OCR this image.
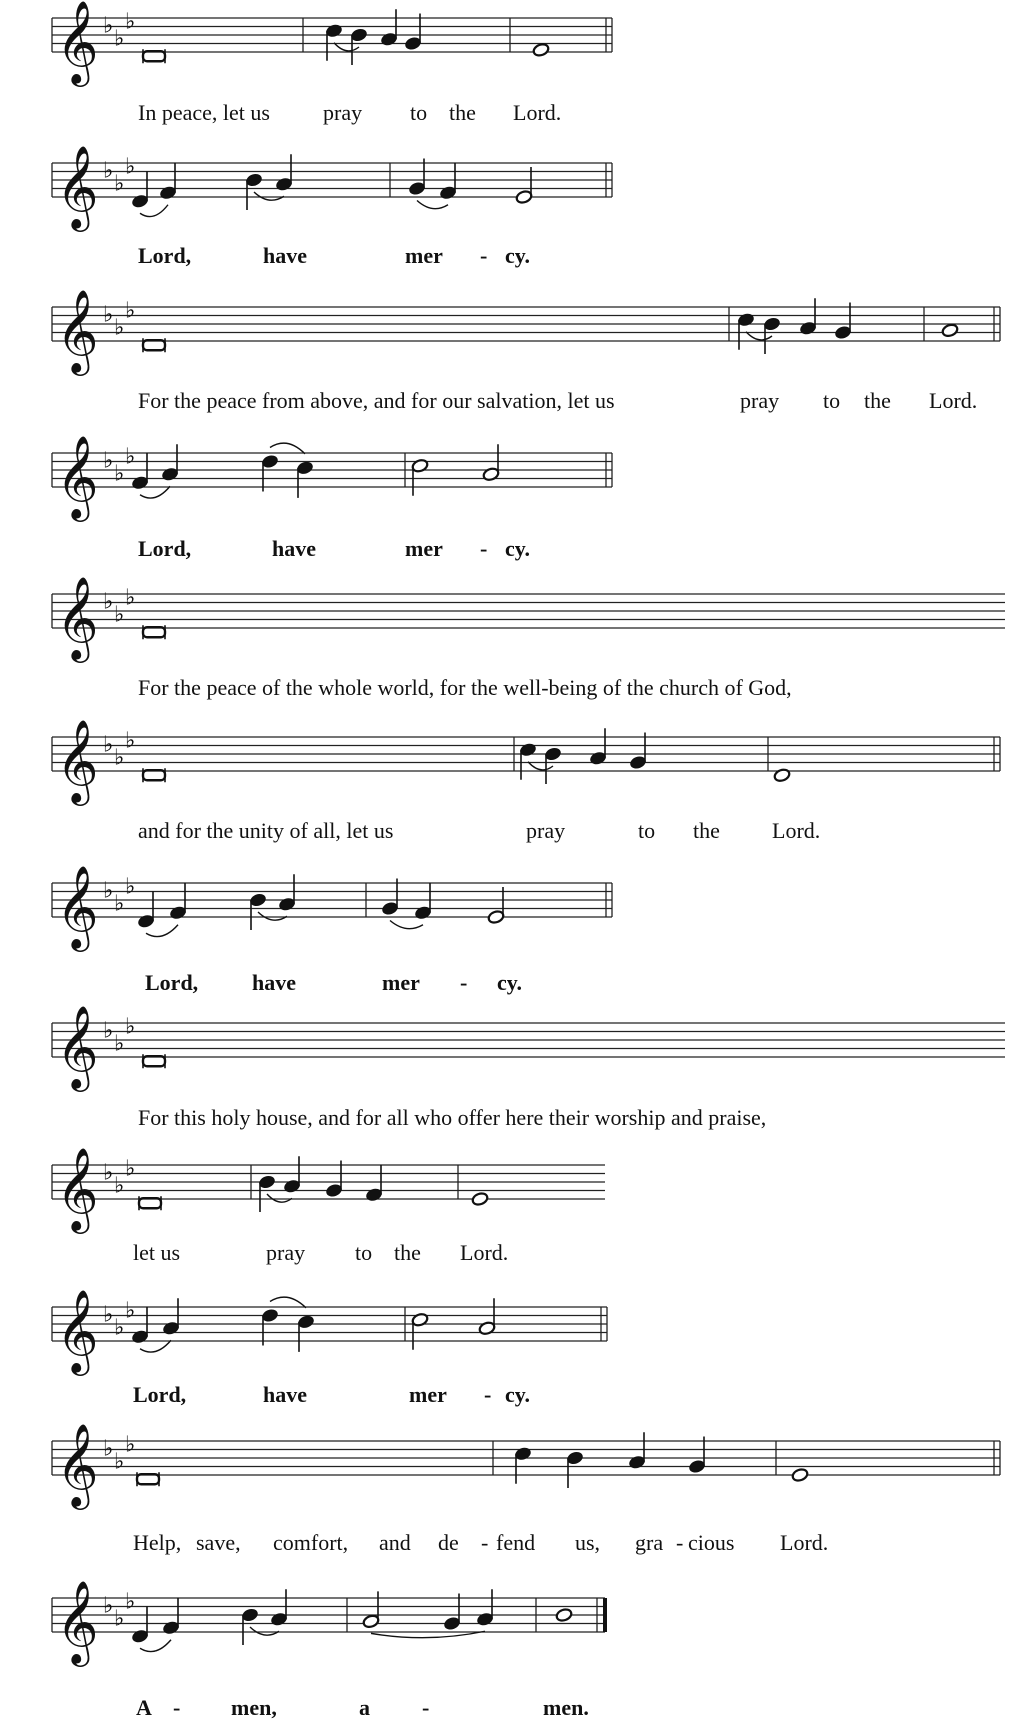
𝄞 ♭
♭
♭
In peace, let us pray to the Lord.
𝄞 ♭
♭
♭
Lord,	have	mer - cy.
𝄞 ♭
♭
♭
For the peace from above, and for our salvation, let us	pray to the Lord.
𝄞 ♭
♭
♭
Lord,	have	mer - cy.
𝄞 ♭
♭
♭
For the peace of the whole world, for the well-being of the church of God,
𝄞 ♭
♭
♭
and for the unity of all, let us	pray	to the Lord.
𝄞 ♭
♭
♭
Lord, have	mer - cy.
𝄞 ♭
♭
♭
For this holy house, and for all who offer here their worship and praise,
𝄞 ♭
♭
♭
let us	pray to the Lord.
𝄞 ♭
♭
♭
Lord,	have	mer - cy.
𝄞 ♭
♭
♭
Help, save, comfort, and de - fend us, gra - cious Lord.
𝄞 ♭
♭
♭
A - men,	a -	men.
